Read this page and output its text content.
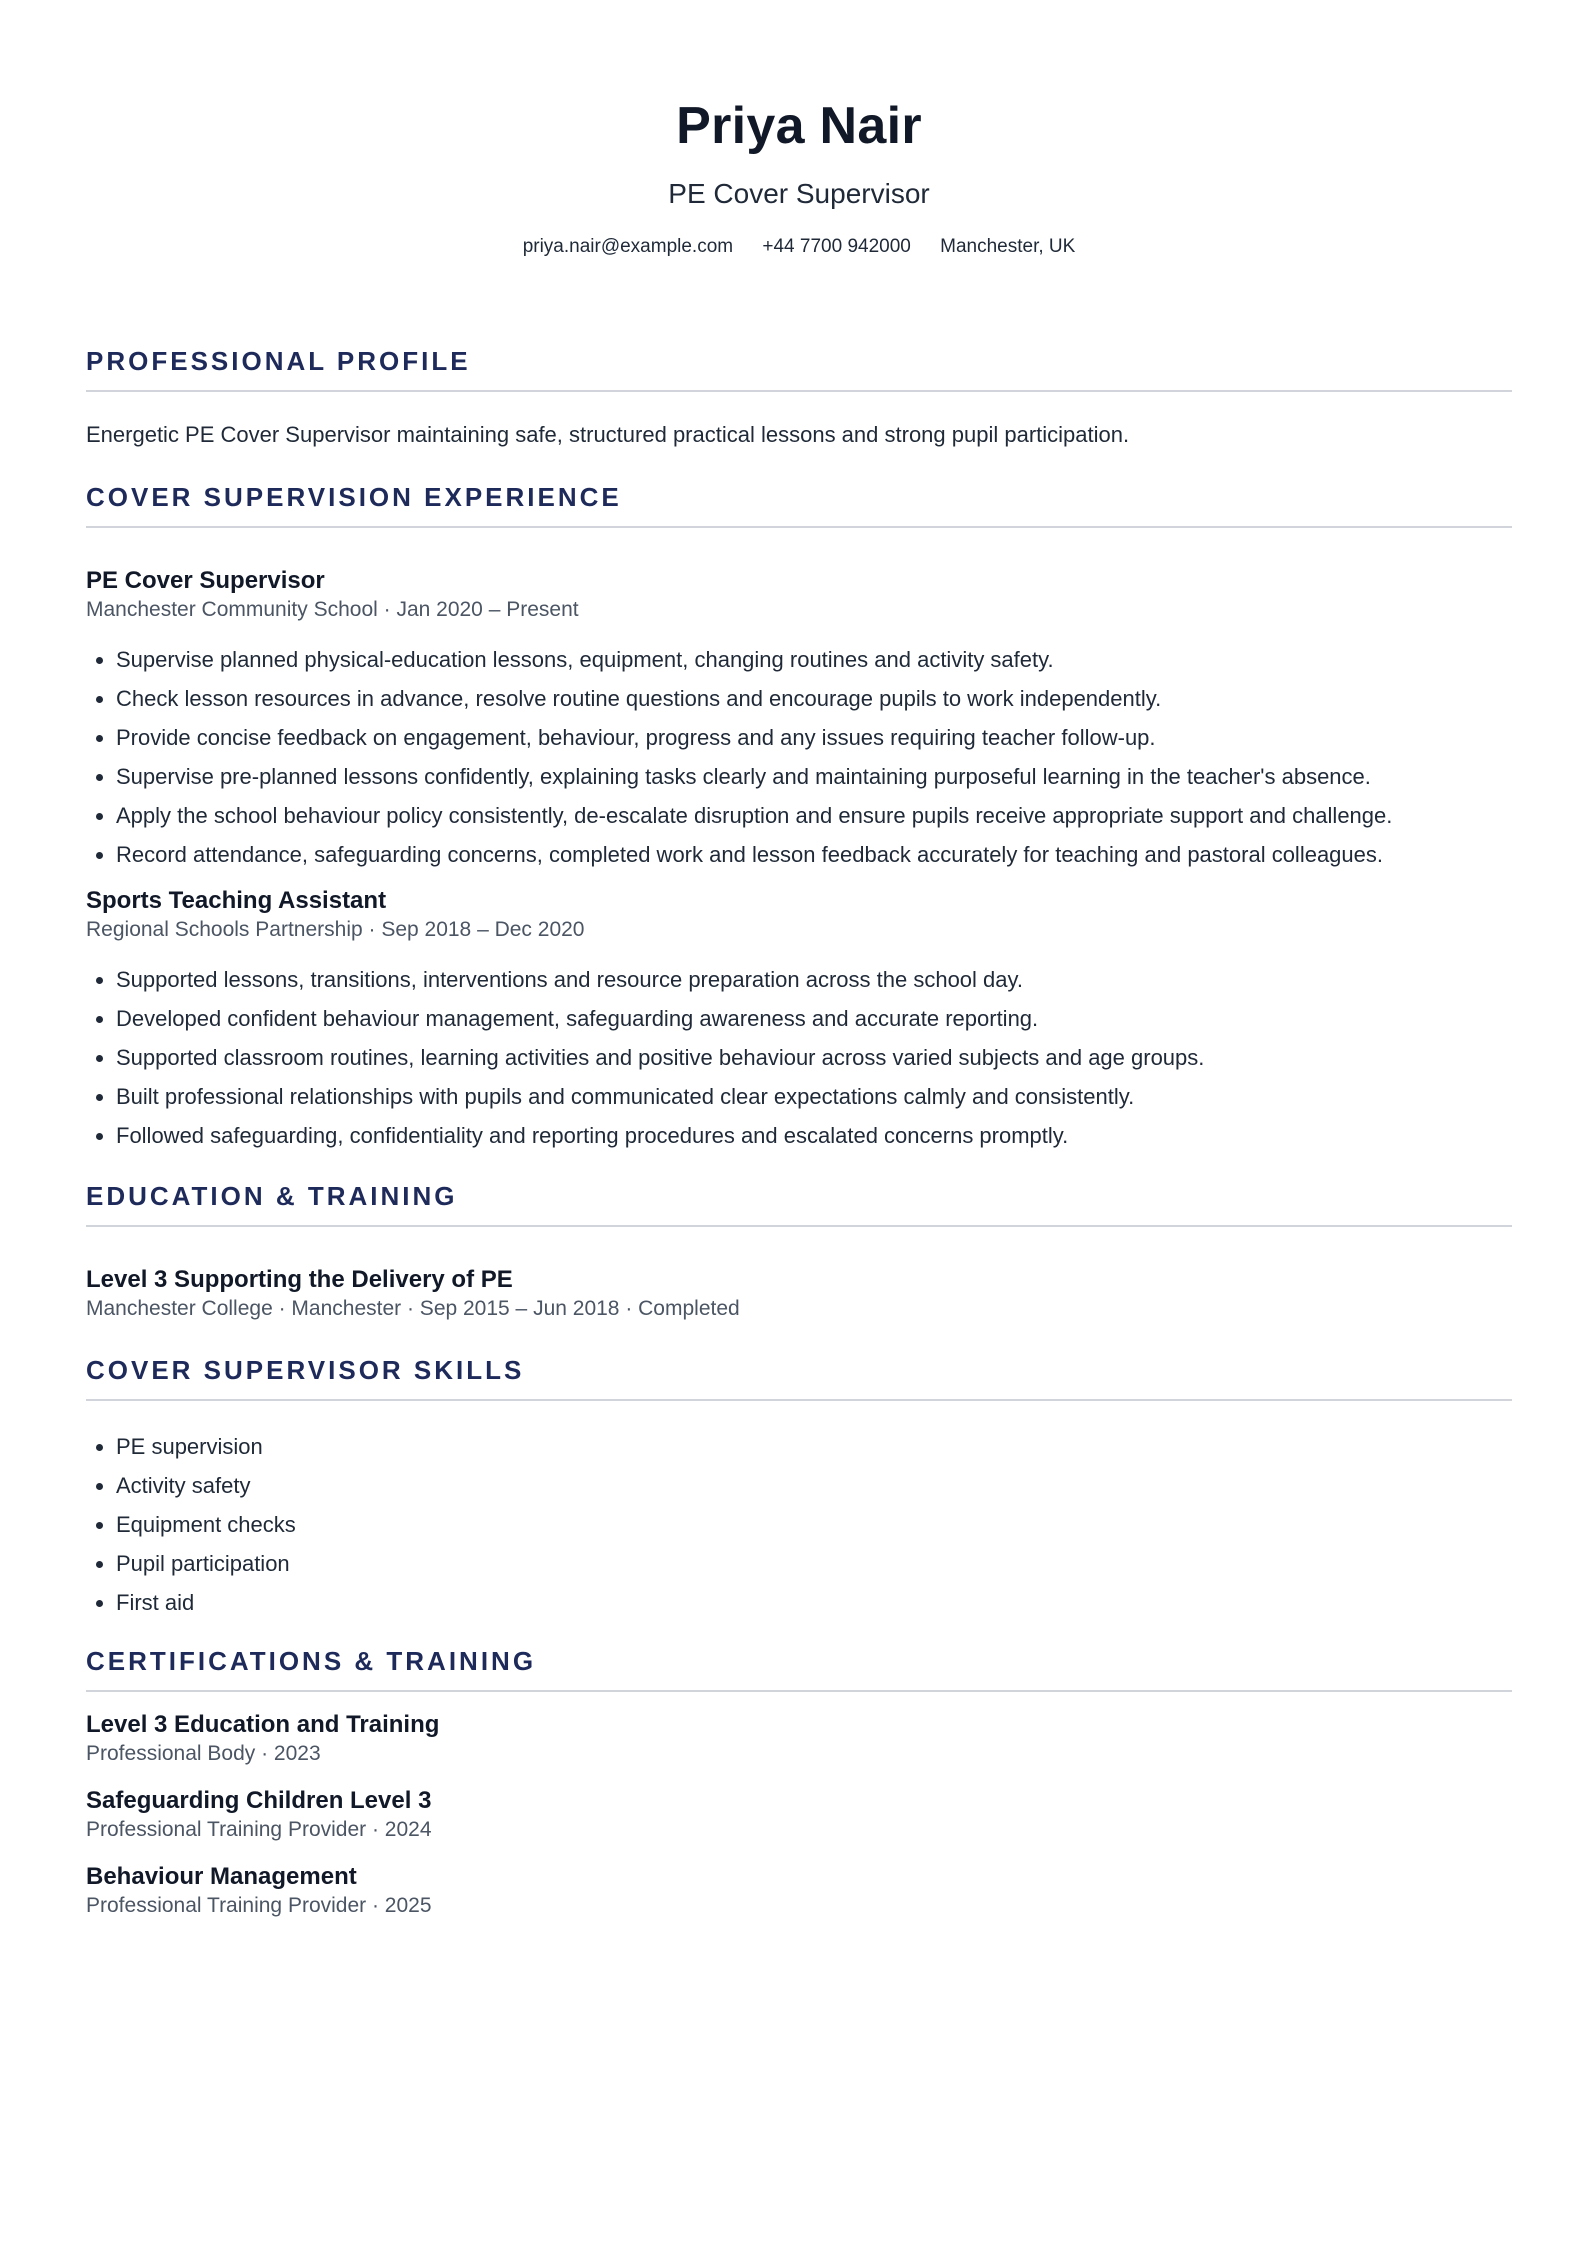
Priya Nair
PE Cover Supervisor
priya.nair@example.com +44 7700 942000 Manchester, UK
PROFESSIONAL PROFILE

Energetic PE Cover Supervisor maintaining safe, structured practical lessons and strong pupil participation.

COVER SUPERVISION EXPERIENCE
PE Cover Supervisor
Manchester Community School · Jan 2020 – Present
• Supervise planned physical-education lessons, equipment, changing routines and activity safety.
• Check lesson resources in advance, resolve routine questions and encourage pupils to work independently.
• Provide concise feedback on engagement, behaviour, progress and any issues requiring teacher follow-up.
• Supervise pre-planned lessons confidently, explaining tasks clearly and maintaining purposeful learning in the teacher's absence.
• Apply the school behaviour policy consistently, de-escalate disruption and ensure pupils receive appropriate support and challenge.
• Record attendance, safeguarding concerns, completed work and lesson feedback accurately for teaching and pastoral colleagues.
Sports Teaching Assistant
Regional Schools Partnership · Sep 2018 – Dec 2020
• Supported lessons, transitions, interventions and resource preparation across the school day.
• Developed confident behaviour management, safeguarding awareness and accurate reporting.
• Supported classroom routines, learning activities and positive behaviour across varied subjects and age groups.
• Built professional relationships with pupils and communicated clear expectations calmly and consistently.
• Followed safeguarding, confidentiality and reporting procedures and escalated concerns promptly.
EDUCATION & TRAINING
Level 3 Supporting the Delivery of PE
Manchester College · Manchester · Sep 2015 – Jun 2018 · Completed
COVER SUPERVISOR SKILLS
• PE supervision
• Activity safety
• Equipment checks
• Pupil participation
• First aid
CERTIFICATIONS & TRAINING
Level 3 Education and Training
Professional Body · 2023
Safeguarding Children Level 3
Professional Training Provider · 2024
Behaviour Management
Professional Training Provider · 2025
